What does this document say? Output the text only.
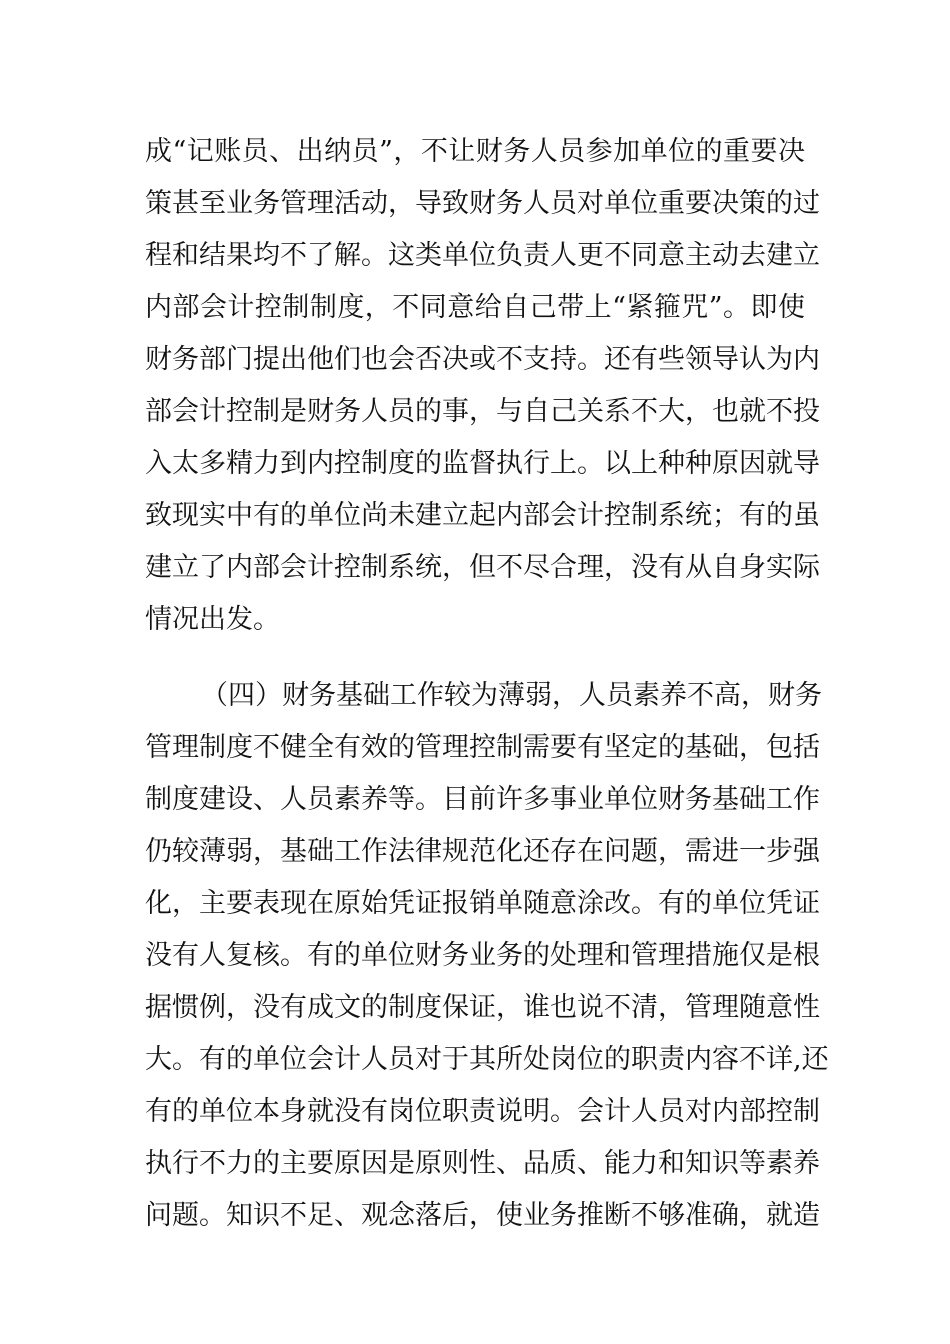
成“记账员、出纳员”，不让财务人员参加单位的重要决
策甚至业务管理活动，导致财务人员对单位重要决策的过
程和结果均不了解。这类单位负责人更不同意主动去建立
内部会计控制制度，不同意给自己带上“紧箍咒”。即使
财务部门提出他们也会否决或不支持。还有些领导认为内
部会计控制是财务人员的事，与自己关系不大，也就不投
入太多精力到内控制度的监督执行上。以上种种原因就导
致现实中有的单位尚未建立起内部会计控制系统；有的虽
建立了内部会计控制系统，但不尽合理，没有从自身实际
情况出发。
（四）财务基础工作较为薄弱，人员素养不高，财务
管理制度不健全有效的管理控制需要有坚定的基础，包括
制度建设、人员素养等。目前许多事业单位财务基础工作
仍较薄弱，基础工作法律规范化还存在问题，需进一步强
化，主要表现在原始凭证报销单随意涂改。有的单位凭证
没有人复核。有的单位财务业务的处理和管理措施仅是根
据惯例，没有成文的制度保证，谁也说不清，管理随意性
大。有的单位会计人员对于其所处岗位的职责内容不详,还
有的单位本身就没有岗位职责说明。会计人员对内部控制
执行不力的主要原因是原则性、品质、能力和知识等素养
问题。知识不足、观念落后，使业务推断不够准确，就造
